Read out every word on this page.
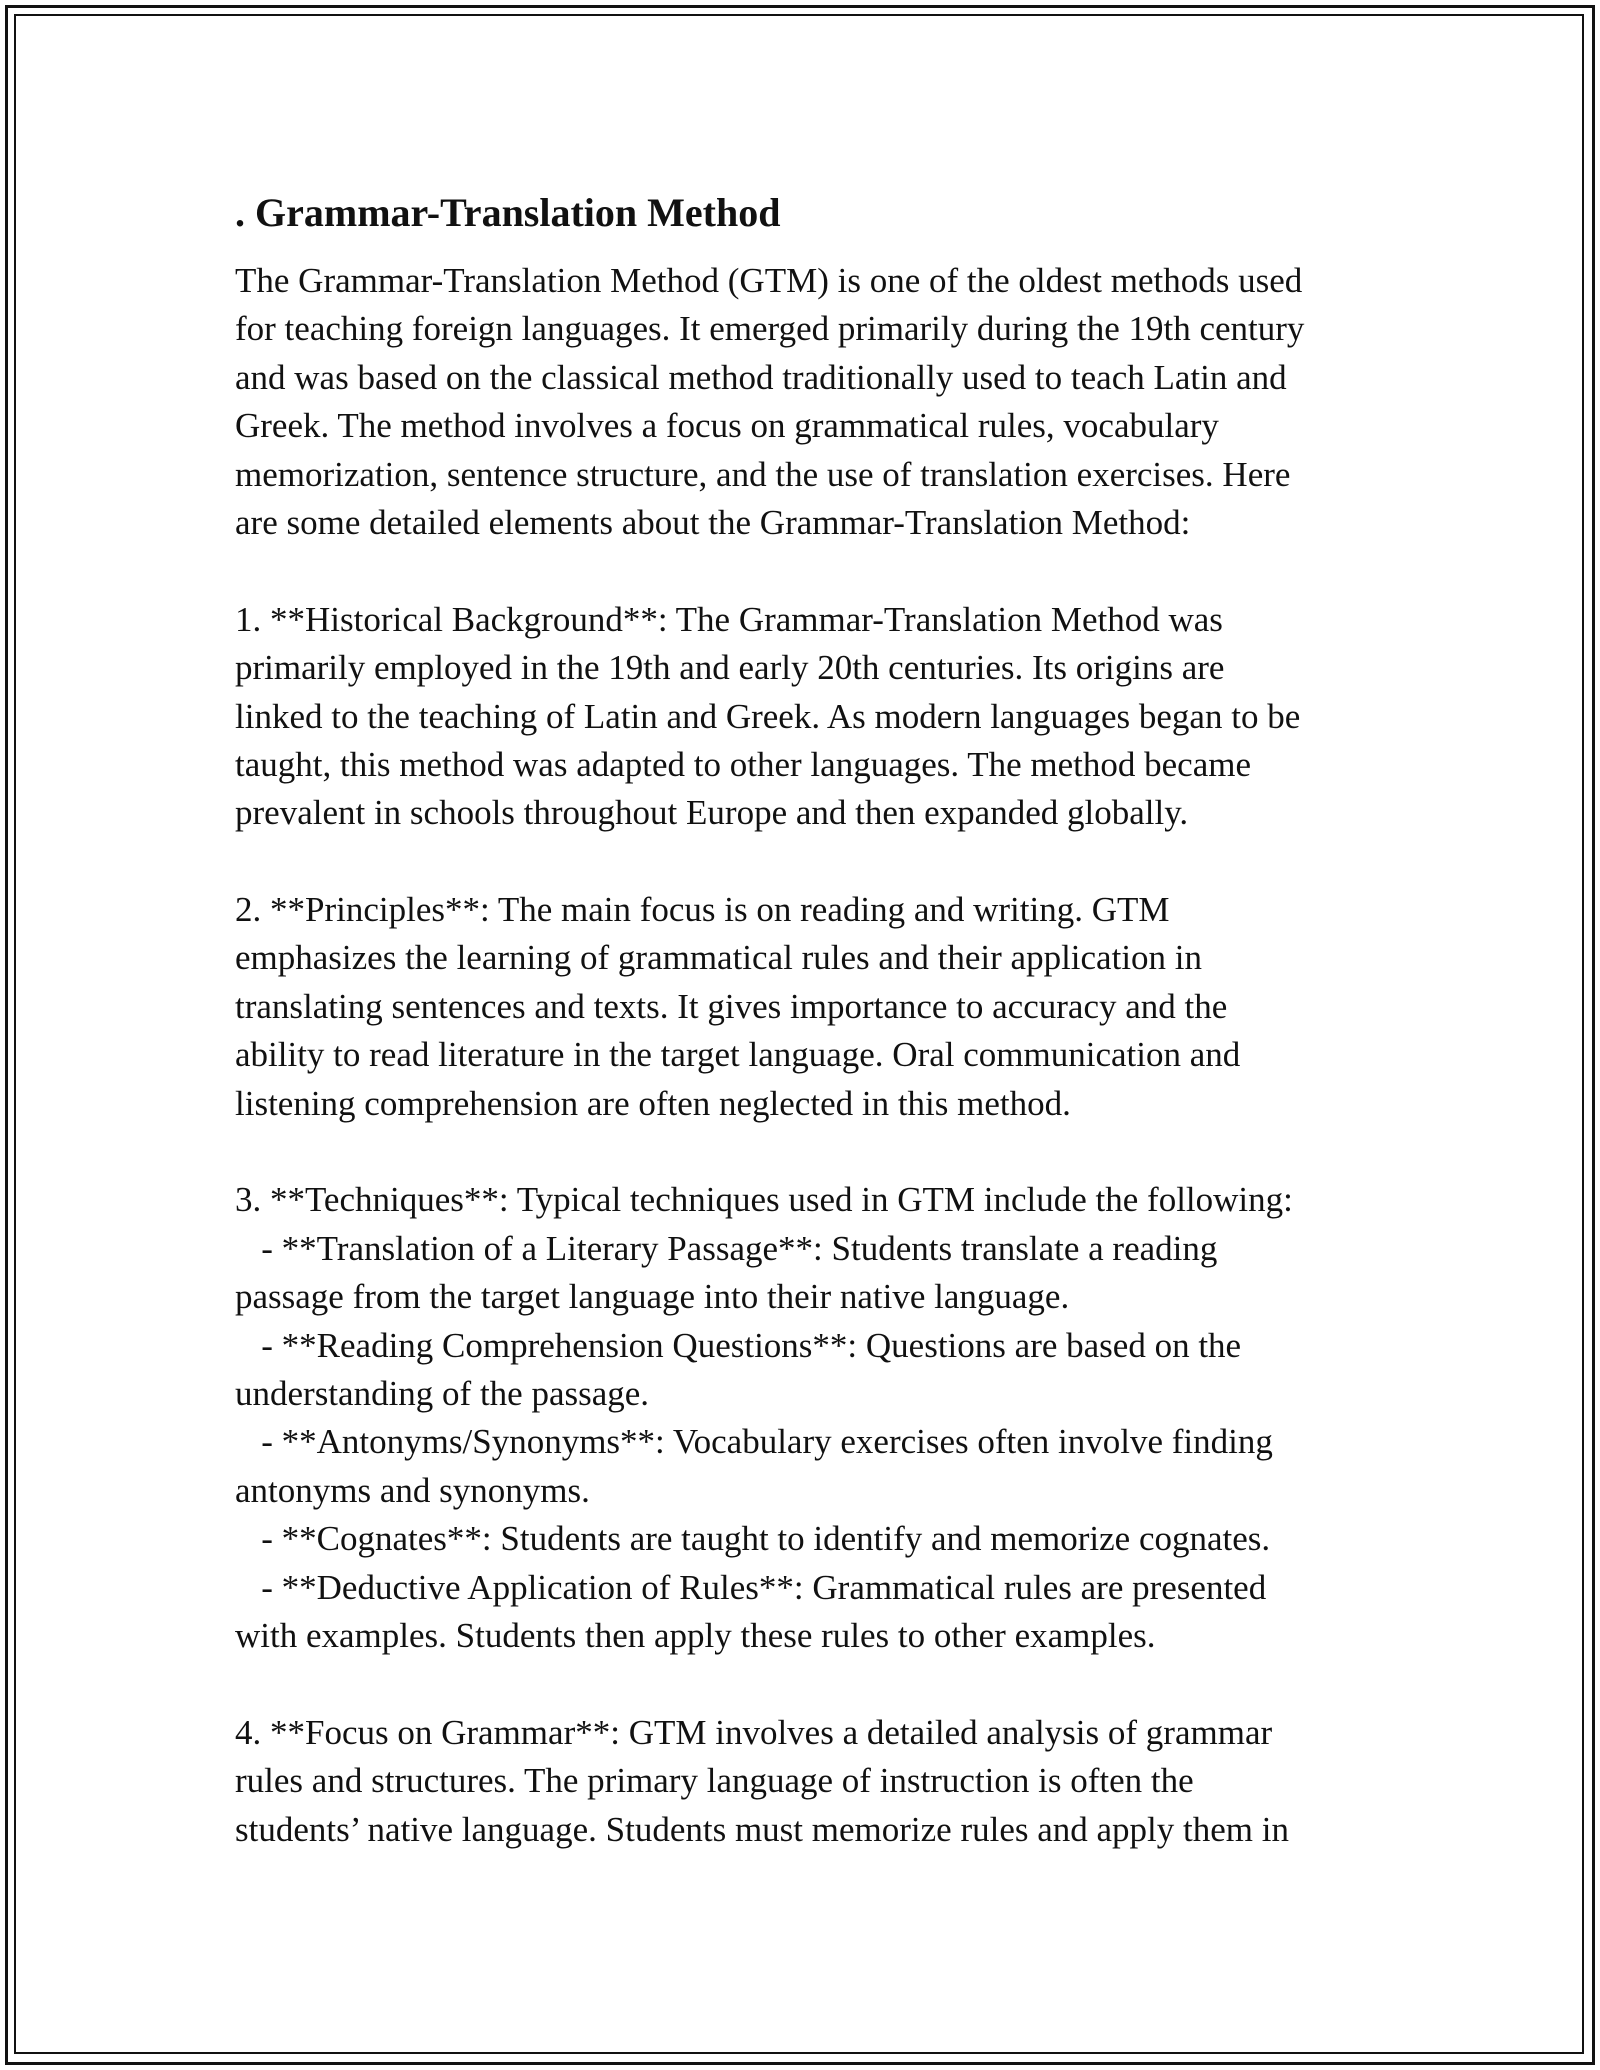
. Grammar-Translation Method
The Grammar-Translation Method (GTM) is one of the oldest methods used
for teaching foreign languages. It emerged primarily during the 19th century
and was based on the classical method traditionally used to teach Latin and
Greek. The method involves a focus on grammatical rules, vocabulary
memorization, sentence structure, and the use of translation exercises. Here
are some detailed elements about the Grammar-Translation Method:
1. **Historical Background**: The Grammar-Translation Method was
primarily employed in the 19th and early 20th centuries. Its origins are
linked to the teaching of Latin and Greek. As modern languages began to be
taught, this method was adapted to other languages. The method became
prevalent in schools throughout Europe and then expanded globally.
2. **Principles**: The main focus is on reading and writing. GTM
emphasizes the learning of grammatical rules and their application in
translating sentences and texts. It gives importance to accuracy and the
ability to read literature in the target language. Oral communication and
listening comprehension are often neglected in this method.
3. **Techniques**: Typical techniques used in GTM include the following:
- **Translation of a Literary Passage**: Students translate a reading
passage from the target language into their native language.
- **Reading Comprehension Questions**: Questions are based on the
understanding of the passage.
- **Antonyms/Synonyms**: Vocabulary exercises often involve finding
antonyms and synonyms.
- **Cognates**: Students are taught to identify and memorize cognates.
- **Deductive Application of Rules**: Grammatical rules are presented
with examples. Students then apply these rules to other examples.
4. **Focus on Grammar**: GTM involves a detailed analysis of grammar
rules and structures. The primary language of instruction is often the
students’ native language. Students must memorize rules and apply them in
